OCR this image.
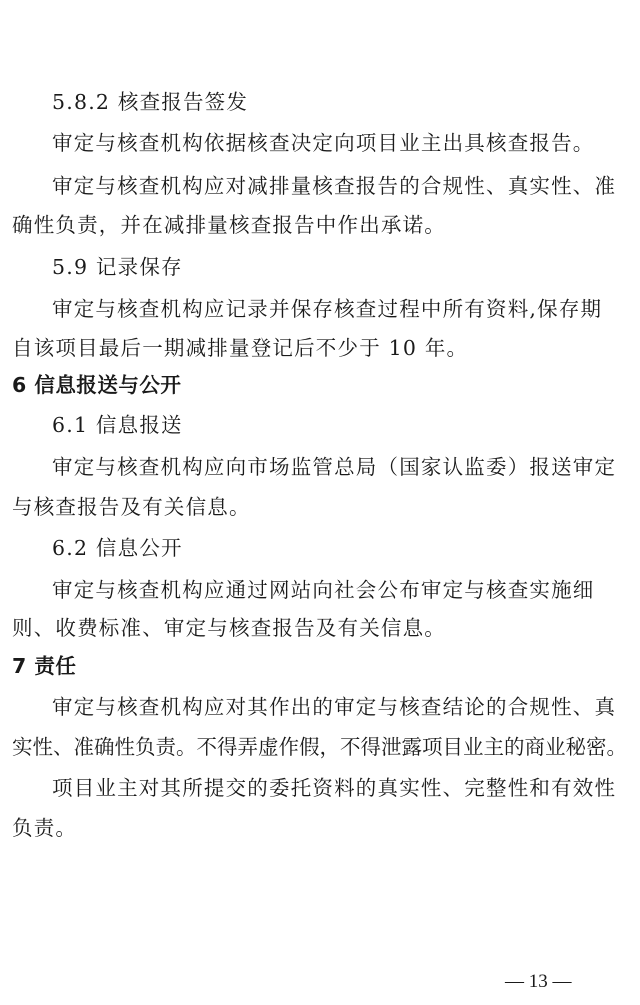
5.8.2 核查报告签发
审定与核查机构依据核查决定向项目业主出具核查报告。
审定与核查机构应对减排量核查报告的合规性、真实性、准
确性负责，并在减排量核查报告中作出承诺。
5.9 记录保存
审定与核查机构应记录并保存核查过程中所有资料,保存期
自该项目最后一期减排量登记后不少于 10 年。
6 信息报送与公开
6.1 信息报送
审定与核查机构应向市场监管总局（国家认监委）报送审定
与核查报告及有关信息。
6.2 信息公开
审定与核查机构应通过网站向社会公布审定与核查实施细
则、收费标准、审定与核查报告及有关信息。
7 责任
审定与核查机构应对其作出的审定与核查结论的合规性、真
实性、准确性负责。不得弄虚作假，不得泄露项目业主的商业秘密。
项目业主对其所提交的委托资料的真实性、完整性和有效性
负责。
— 13 —
